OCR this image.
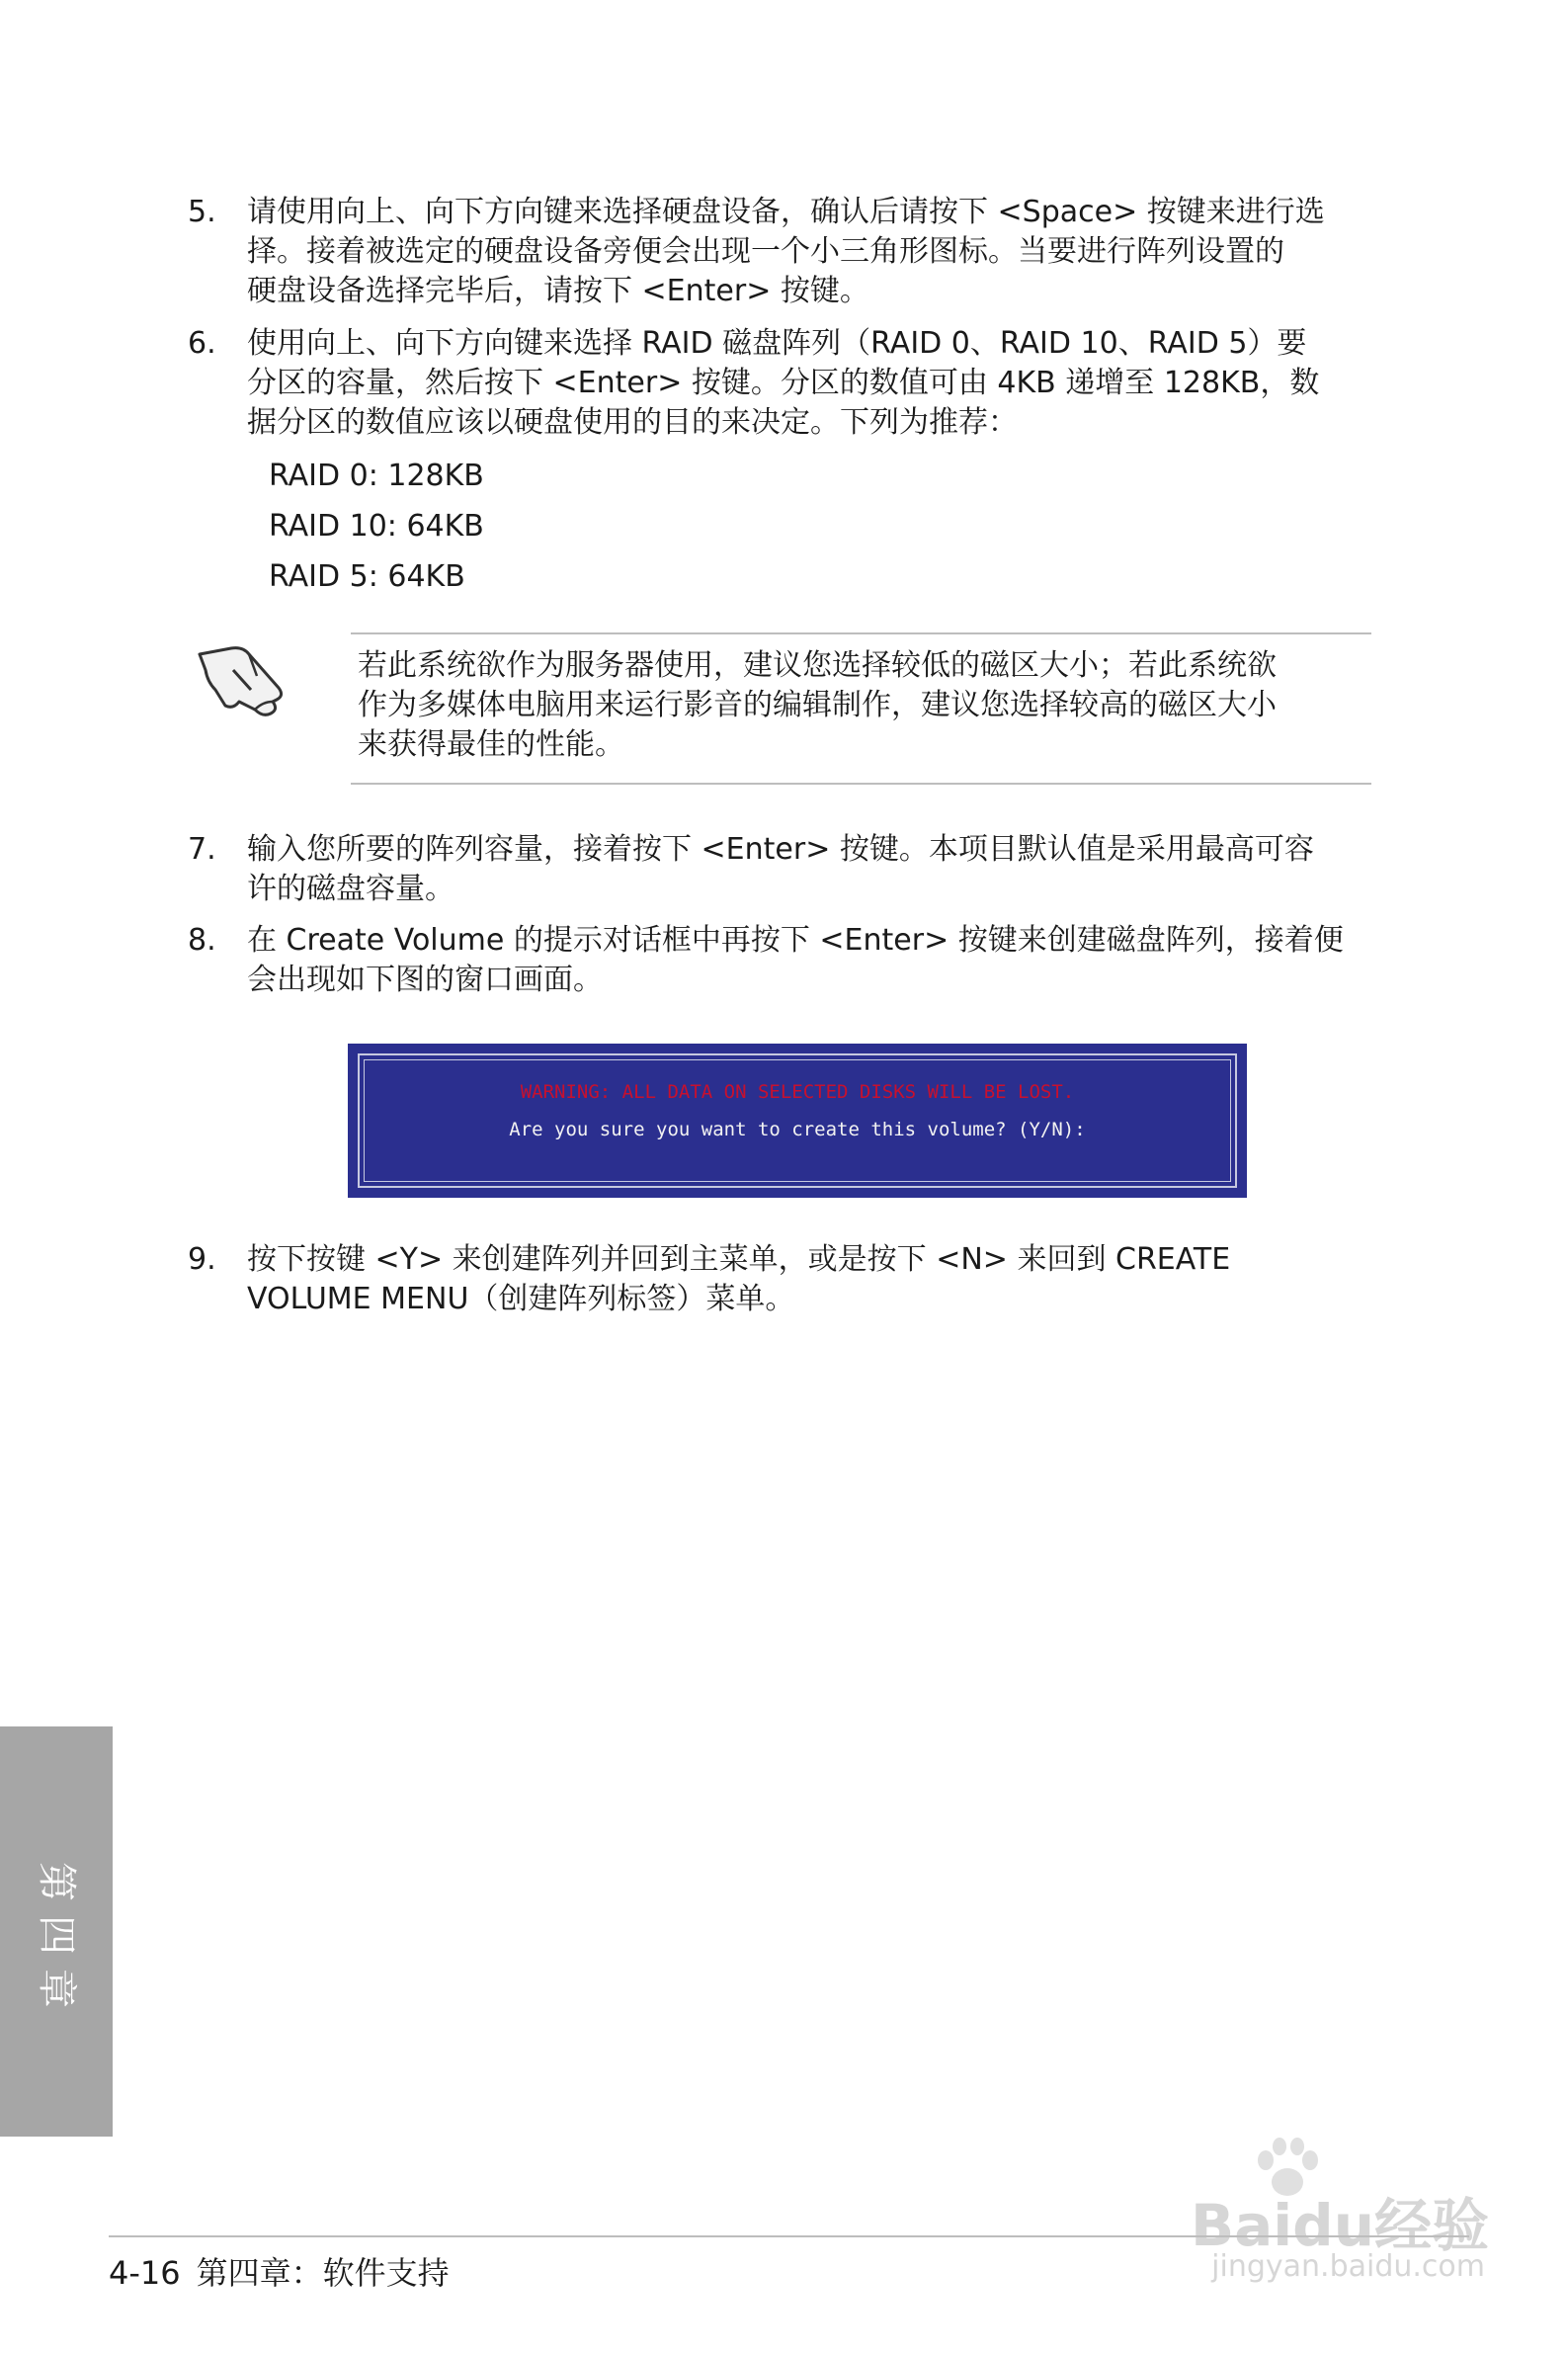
5.	请使用向上、向下方向键来选择硬盘设备，确认后请按下 <Space> 按键来进行选
择。接着被选定的硬盘设备旁便会出现一个小三角形图标。当要进行阵列设置的
硬盘设备选择完毕后，请按下 <Enter> 按键。
6.	使用向上、向下方向键来选择 RAID 磁盘阵列（RAID 0、RAID 10、RAID 5）要
分区的容量，然后按下 <Enter> 按键。分区的数值可由 4KB 递增至 128KB，数
据分区的数值应该以硬盘使用的目的来决定。下列为推荐：
RAID 0: 128KB
RAID 10: 64KB
RAID 5: 64KB
若此系统欲作为服务器使用，建议您选择较低的磁区大小；若此系统欲
作为多媒体电脑用来运行影音的编辑制作，建议您选择较高的磁区大小
来获得最佳的性能。
7.	输入您所要的阵列容量，接着按下 <Enter> 按键。本项目默认值是采用最高可容
许的磁盘容量。
8.	在 Create Volume 的提示对话框中再按下 <Enter> 按键来创建磁盘阵列，接着便
会出现如下图的窗口画面。
WARNING: ALL DATA ON SELECTED DISKS WILL BE LOST.
Are you sure you want to create this volume? (Y/N):
9.	按下按键 <Y> 来创建阵列并回到主菜单，或是按下 <N> 来回到 CREATE
VOLUME MENU（创建阵列标签）菜单。
第
四
章
Baidu经验
jingyan.baidu.com
4-16 第四章：软件支持
